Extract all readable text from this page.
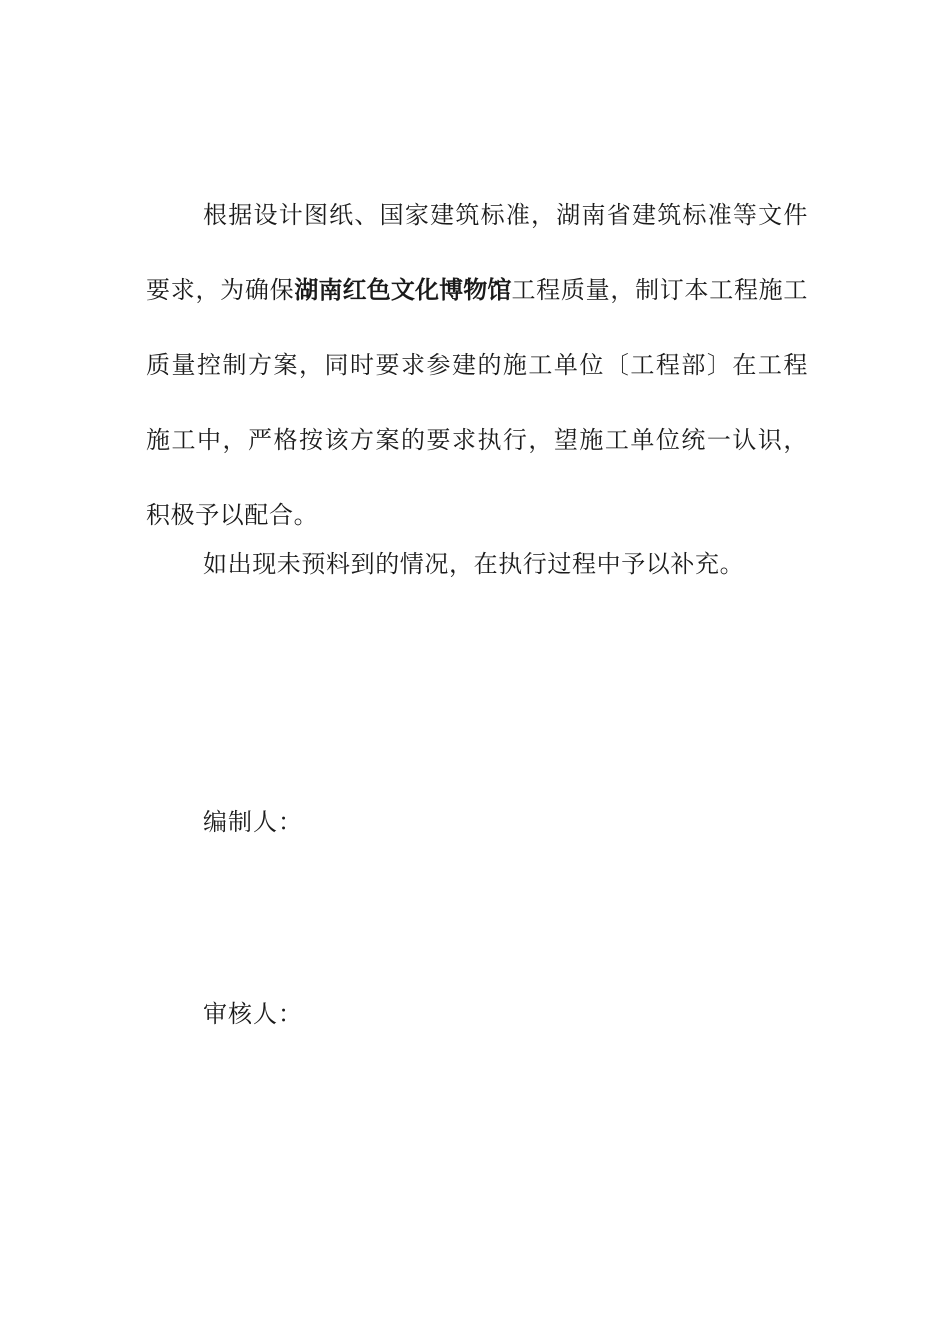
根据设计图纸、国家建筑标准，湖南省建筑标准等文件要求，为确保湖南红色文化博物馆工程质量，制订本工程施工质量控制方案，同时要求参建的施工单位〔工程部〕在工程施工中，严格按该方案的要求执行，望施工单位统一认识，积极予以配合。

如出现未预料到的情况，在执行过程中予以补充。

编制人：

审核人：
